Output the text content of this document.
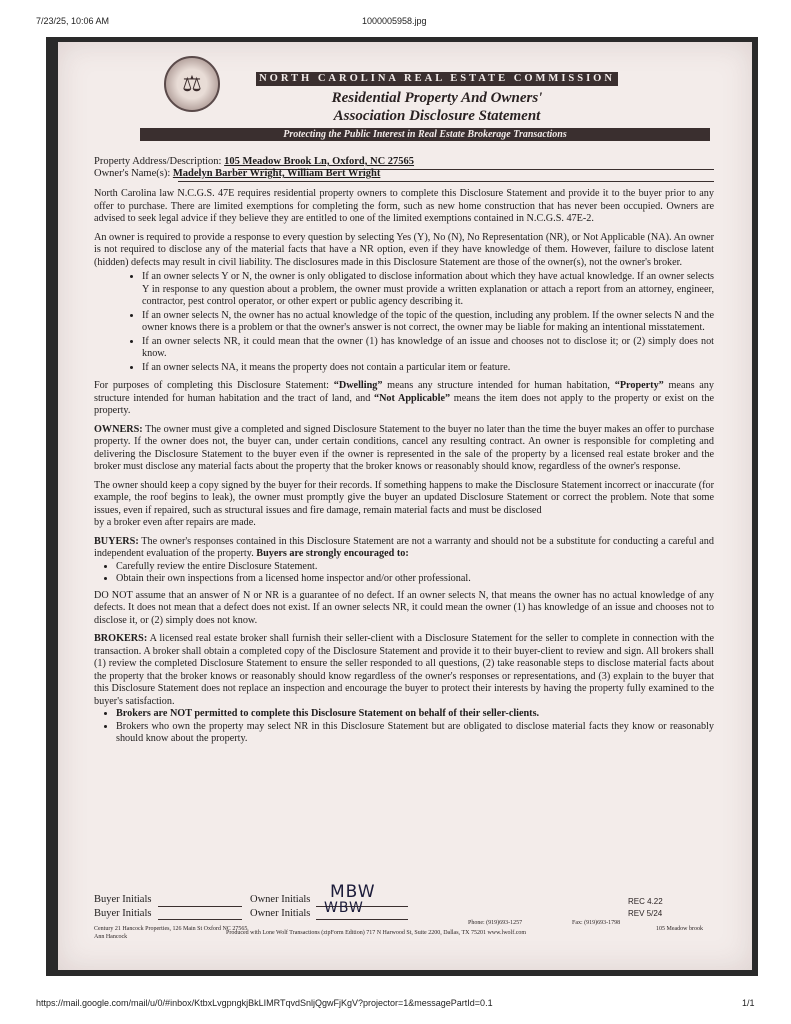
7/23/25, 10:06 AM	1000005958.jpg
⚖	NORTH CAROLINA REAL ESTATE COMMISSION
Residential Property And Owners'
Association Disclosure Statement
Protecting the Public Interest in Real Estate Brokerage Transactions
Property Address/Description: 105 Meadow Brook Ln, Oxford, NC 27565
Owner's Name(s): Madelyn Barber Wright, William Bert Wright

North Carolina law N.C.G.S. 47E requires residential property owners to complete this Disclosure Statement and provide it to the buyer prior to any offer to purchase. There are limited exemptions for completing the form, such as new home construction that has never been occupied. Owners are advised to seek legal advice if they believe they are entitled to one of the limited exemptions contained in N.C.G.S. 47E-2.

An owner is required to provide a response to every question by selecting Yes (Y), No (N), No Representation (NR), or Not Applicable (NA). An owner is not required to disclose any of the material facts that have a NR option, even if they have knowledge of them. However, failure to disclose latent (hidden) defects may result in civil liability. The disclosures made in this Disclosure Statement are those of the owner(s), not the owner's broker.

• If an owner selects Y or N, the owner is only obligated to disclose information about which they have actual knowledge. If an owner selects Y in response to any question about a problem, the owner must provide a written explanation or attach a report from an attorney, engineer, contractor, pest control operator, or other expert or public agency describing it.
• If an owner selects N, the owner has no actual knowledge of the topic of the question, including any problem. If the owner selects N and the owner knows there is a problem or that the owner's answer is not correct, the owner may be liable for making an intentional misstatement.
• If an owner selects NR, it could mean that the owner (1) has knowledge of an issue and chooses not to disclose it; or (2) simply does not know.
• If an owner selects NA, it means the property does not contain a particular item or feature.

For purposes of completing this Disclosure Statement: “Dwelling” means any structure intended for human habitation, “Property” means any structure intended for human habitation and the tract of land, and “Not Applicable” means the item does not apply to the property or exist on the property.

OWNERS: The owner must give a completed and signed Disclosure Statement to the buyer no later than the time the buyer makes an offer to purchase property. If the owner does not, the buyer can, under certain conditions, cancel any resulting contract. An owner is responsible for completing and delivering the Disclosure Statement to the buyer even if the owner is represented in the sale of the property by a licensed real estate broker and the broker must disclose any material facts about the property that the broker knows or reasonably should know, regardless of the owner's response.

The owner should keep a copy signed by the buyer for their records. If something happens to make the Disclosure Statement incorrect or inaccurate (for example, the roof begins to leak), the owner must promptly give the buyer an updated Disclosure Statement or correct the problem. Note that some issues, even if repaired, such as structural issues and fire damage, remain material facts and must be disclosed

by a broker even after repairs are made.

BUYERS: The owner's responses contained in this Disclosure Statement are not a warranty and should not be a substitute for conducting a careful and independent evaluation of the property. Buyers are strongly encouraged to:

• Carefully review the entire Disclosure Statement.
• Obtain their own inspections from a licensed home inspector and/or other professional.

DO NOT assume that an answer of N or NR is a guarantee of no defect. If an owner selects N, that means the owner has no actual knowledge of any defects. It does not mean that a defect does not exist. If an owner selects NR, it could mean the owner (1) has knowledge of an issue and chooses not to disclose it, or (2) simply does not know.

BROKERS: A licensed real estate broker shall furnish their seller-client with a Disclosure Statement for the seller to complete in connection with the transaction. A broker shall obtain a completed copy of the Disclosure Statement and provide it to their buyer-client to review and sign. All brokers shall (1) review the completed Disclosure Statement to ensure the seller responded to all questions, (2) take reasonable steps to disclose material facts about the property that the broker knows or reasonably should know regardless of the owner's responses or representations, and (3) explain to the buyer that this Disclosure Statement does not replace an inspection and encourage the buyer to protect their interests by having the property fully examined to the buyer's satisfaction.

• Brokers are NOT permitted to complete this Disclosure Statement on behalf of their seller-clients.
• Brokers who own the property may select NR in this Disclosure Statement but are obligated to disclose material facts they know or reasonably should know about the property.
Buyer Initials
Buyer Initials
Owner Initials
Owner Initials
MBW
WBW	REC 4.22
REV 5/24
Century 21 Hancock Properties, 126 Main St Oxford NC 27565
Ann Hancock
Phone: (919)693-1257	Fax: (919)693-1798
105 Meadow brook
Produced with Lone Wolf Transactions (zipForm Edition) 717 N Harwood St, Suite 2200, Dallas, TX 75201 www.lwolf.com
https://mail.google.com/mail/u/0/#inbox/KtbxLvgpngkjBkLIMRTqvdSnljQgwFjKgV?projector=1&messagePartId=0.1	1/1
